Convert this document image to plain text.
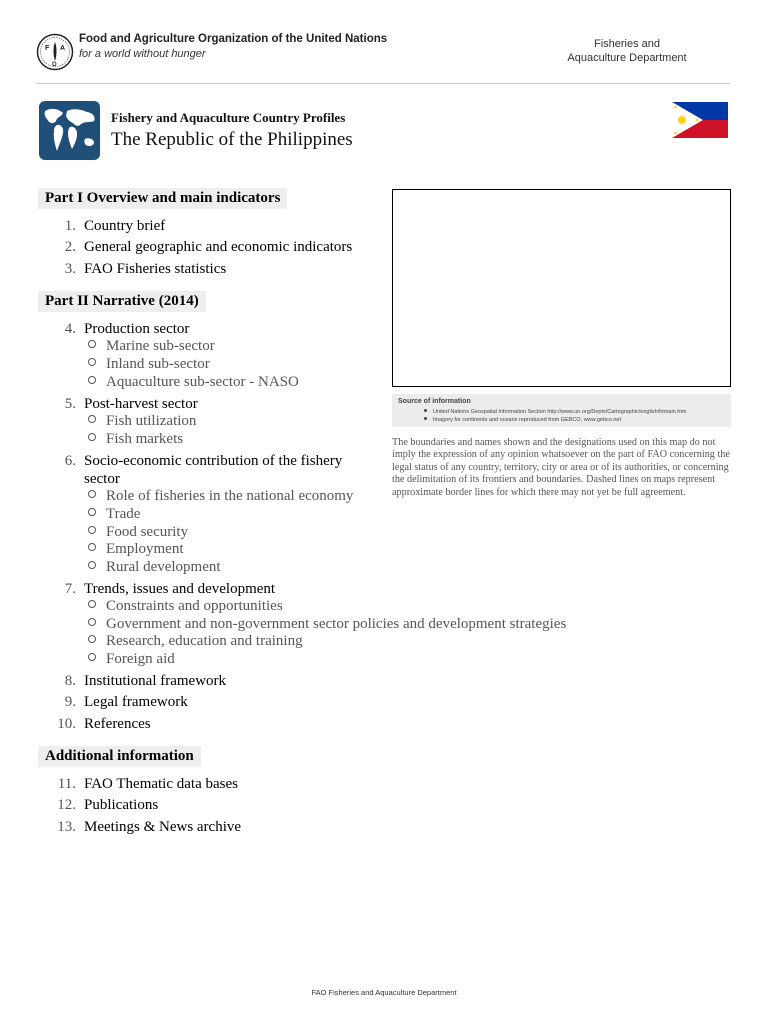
F A
O
Food and Agriculture Organization of the United Nations
for a world without hunger
Fisheries and
Aquaculture Department
Fishery and Aquaculture Country Profiles
The Republic of the Philippines
Part I Overview and main indicators
1. Country brief
2. General geographic and economic indicators
3. FAO Fisheries statistics
Part II Narrative (2014)
4. Production sector
Marine sub-sector
Inland sub-sector
Aquaculture sub-sector - NASO
5. Post-harvest sector
Fish utilization
Fish markets
6. Socio-economic contribution of the fishery
sector
Role of fisheries in the national economy
Trade
Food security
Employment
Rural development
7. Trends, issues and development
Constraints and opportunities
Government and non-government sector policies and development strategies
Research, education and training
Foreign aid
8. Institutional framework
9. Legal framework
10. References
Additional information
11. FAO Thematic data bases
12. Publications
13. Meetings & News archive
Source of information
United Nations Geospatial Information Section http://www.un.org/Depts/Cartographic/english/htmain.htm
Imagery for continents and oceans reproduced from GEBCO, www.gebco.net
The boundaries and names shown and the designations used on this map do not imply the expression of any opinion whatsoever on the part of FAO concerning the legal status of any country, territory, city or area or of its authorities, or concerning the delimitation of its frontiers and boundaries. Dashed lines on maps represent approximate border lines for which there may not yet be full agreement.
FAO Fisheries and Aquaculture Department
